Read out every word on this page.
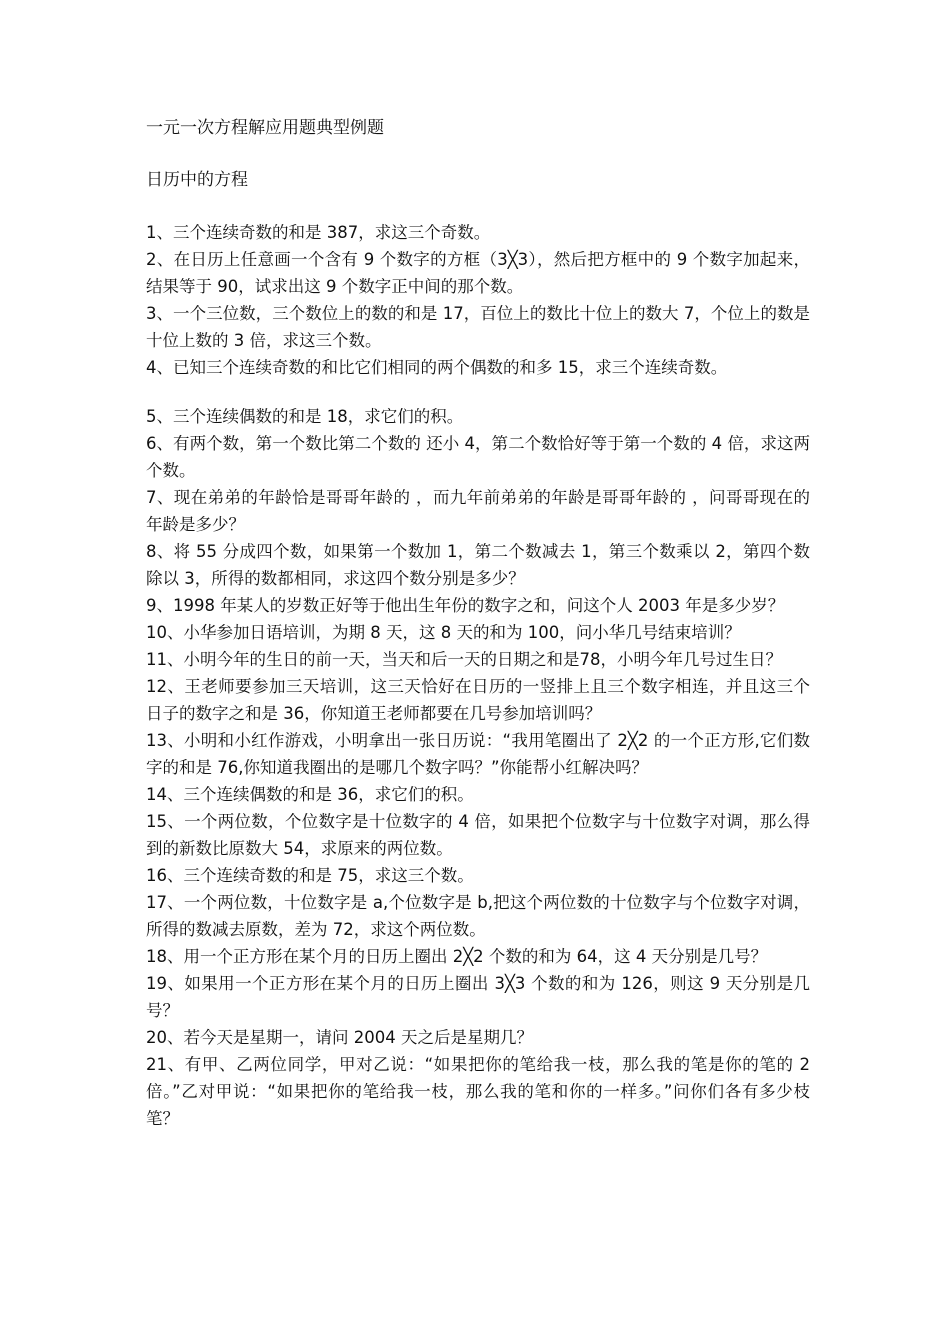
一元一次方程解应用题典型例题
日历中的方程

1、三个连续奇数的和是 387，求这三个奇数。

2、在日历上任意画一个含有 9 个数字的方框（3╳3），然后把方框中的 9 个数字加起来，结果等于 90，试求出这 9 个数字正中间的那个数。

3、一个三位数，三个数位上的数的和是 17，百位上的数比十位上的数大 7，个位上的数是十位上数的 3 倍，求这三个数。

4、已知三个连续奇数的和比它们相同的两个偶数的和多 15，求三个连续奇数。

5、三个连续偶数的和是 18，求它们的积。

6、有两个数，第一个数比第二个数的 还小 4，第二个数恰好等于第一个数的 4 倍，求这两个数。

7、现在弟弟的年龄恰是哥哥年龄的 ，而九年前弟弟的年龄是哥哥年龄的 ，问哥哥现在的年龄是多少？

8、将 55 分成四个数，如果第一个数加 1，第二个数减去 1，第三个数乘以 2，第四个数除以 3，所得的数都相同，求这四个数分别是多少？

9、1998 年某人的岁数正好等于他出生年份的数字之和，问这个人 2003 年是多少岁？

10、小华参加日语培训，为期 8 天，这 8 天的和为 100，问小华几号结束培训？

11、小明今年的生日的前一天，当天和后一天的日期之和是78，小明今年几号过生日？

12、王老师要参加三天培训，这三天恰好在日历的一竖排上且三个数字相连，并且这三个日子的数字之和是 36，你知道王老师都要在几号参加培训吗？

13、小明和小红作游戏，小明拿出一张日历说：“我用笔圈出了 2╳2 的一个正方形,它们数字的和是 76,你知道我圈出的是哪几个数字吗？”你能帮小红解决吗？

14、三个连续偶数的和是 36，求它们的积。

15、一个两位数，个位数字是十位数字的 4 倍，如果把个位数字与十位数字对调，那么得到的新数比原数大 54，求原来的两位数。

16、三个连续奇数的和是 75，求这三个数。

17、一个两位数，十位数字是 a,个位数字是 b,把这个两位数的十位数字与个位数字对调，所得的数减去原数，差为 72，求这个两位数。

18、用一个正方形在某个月的日历上圈出 2╳2 个数的和为 64，这 4 天分别是几号？

19、如果用一个正方形在某个月的日历上圈出 3╳3 个数的和为 126，则这 9 天分别是几号？

20、若今天是星期一，请问 2004 天之后是星期几？

21、有甲、乙两位同学，甲对乙说：“如果把你的笔给我一枝，那么我的笔是你的笔的 2 倍。”乙对甲说：“如果把你的笔给我一枝，那么我的笔和你的一样多。”问你们各有多少枝笔？
